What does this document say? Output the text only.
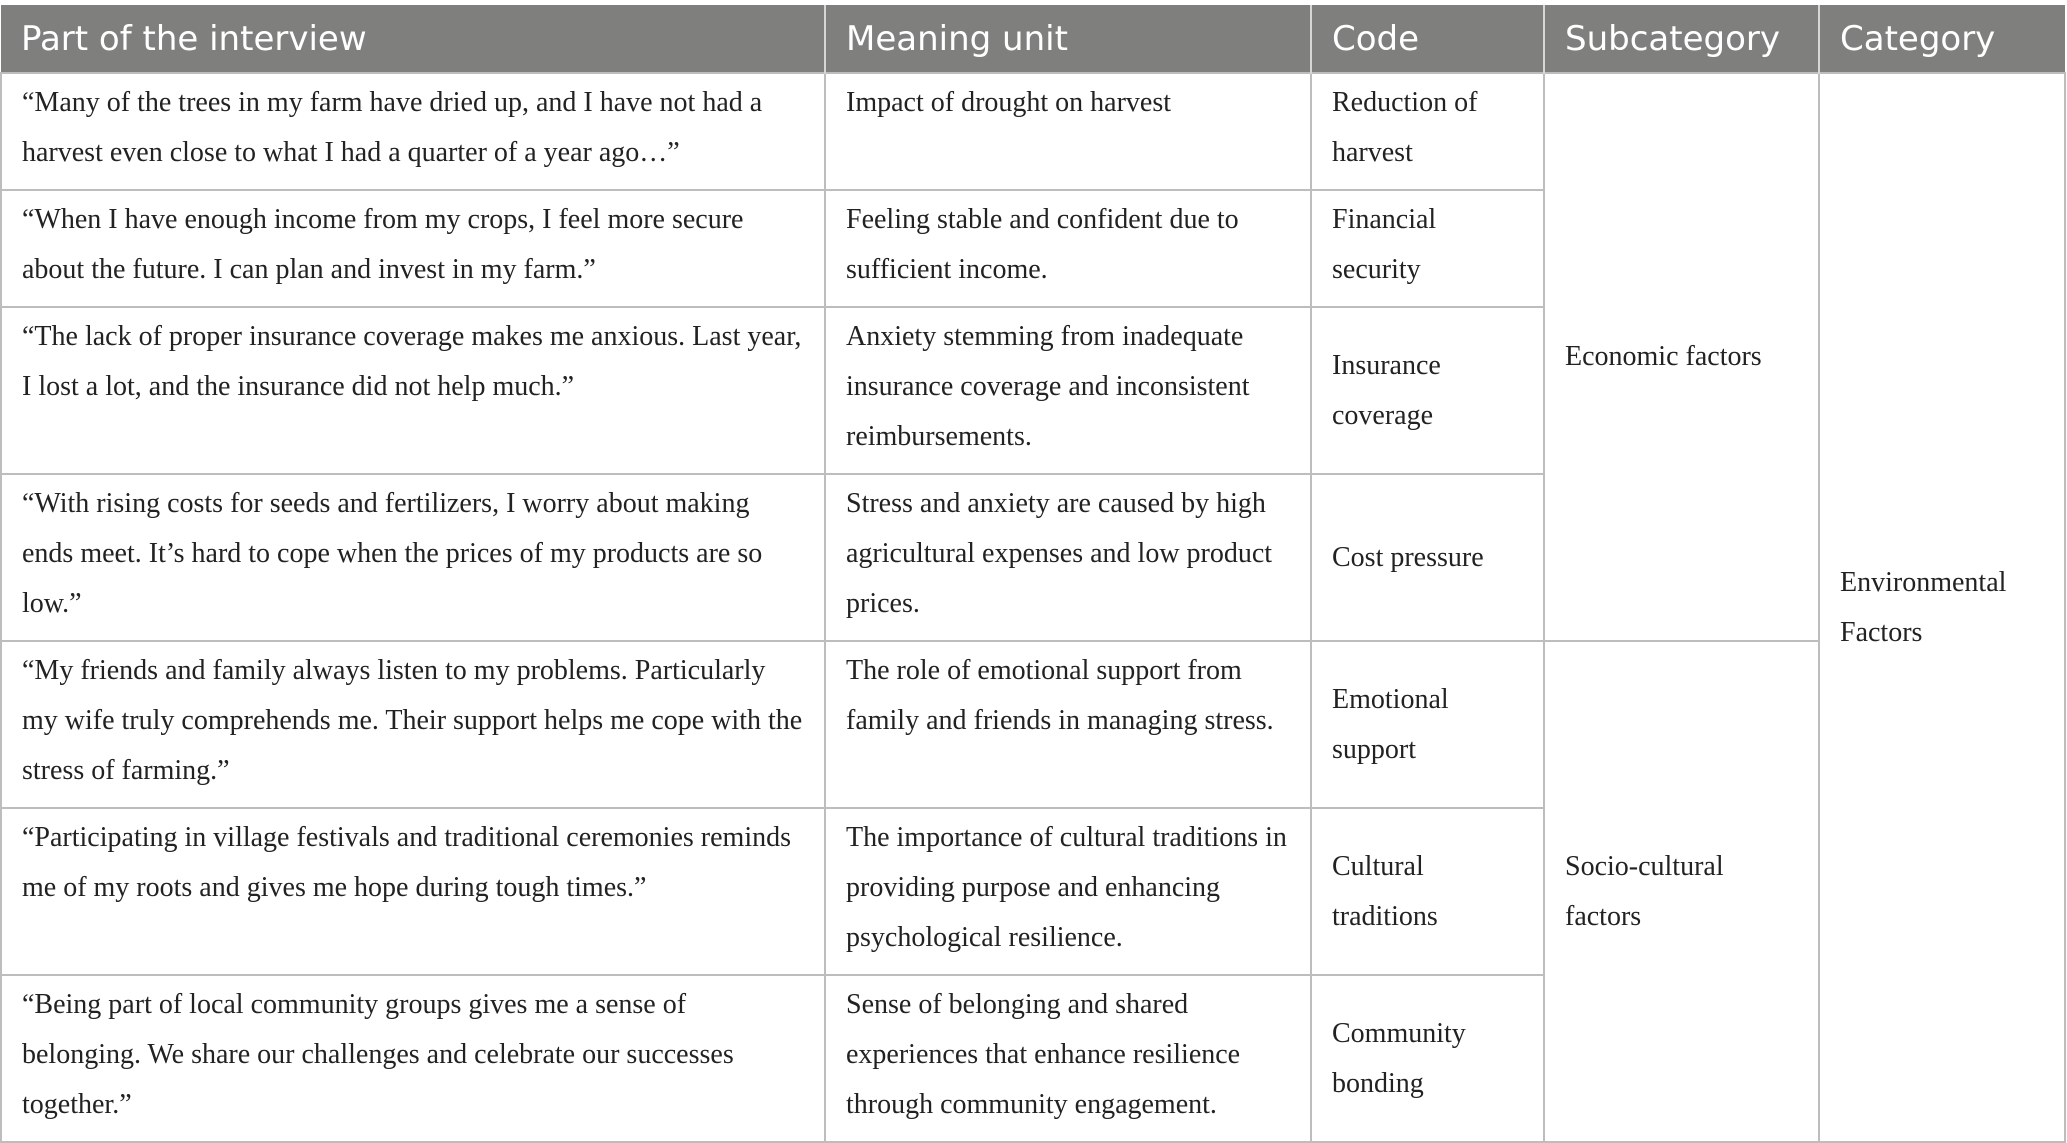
Part of the interview	Meaning unit	Code	Subcategory	Category
“Many of the trees in my farm have dried up, and I have not had a harvest even close to what I had a quarter of a year ago…”	Impact of drought on harvest	Reduction of harvest	Economic factors	Environmental Factors
“When I have enough income from my crops, I feel more secure about the future. I can plan and invest in my farm.”	Feeling stable and confident due to sufficient income.	Financial security		
“The lack of proper insurance coverage makes me anxious. Last year, I lost a lot, and the insurance did not help much.”	Anxiety stemming from inadequate insurance coverage and inconsistent reimbursements.	Insurance coverage		
“With rising costs for seeds and fertilizers, I worry about making ends meet. It’s hard to cope when the prices of my products are so low.”	Stress and anxiety are caused by high agricultural expenses and low product prices.	Cost pressure		
“My friends and family always listen to my problems. Particularly my wife truly comprehends me. Their support helps me cope with the stress of farming.”	The role of emotional support from family and friends in managing stress.	Emotional support	Socio-cultural factors	
“Participating in village festivals and traditional ceremonies reminds me of my roots and gives me hope during tough times.”	The importance of cultural traditions in providing purpose and enhancing psychological resilience.	Cultural traditions		
“Being part of local community groups gives me a sense of belonging. We share our challenges and celebrate our successes together.”	Sense of belonging and shared experiences that enhance resilience through community engagement.	Community bonding		
